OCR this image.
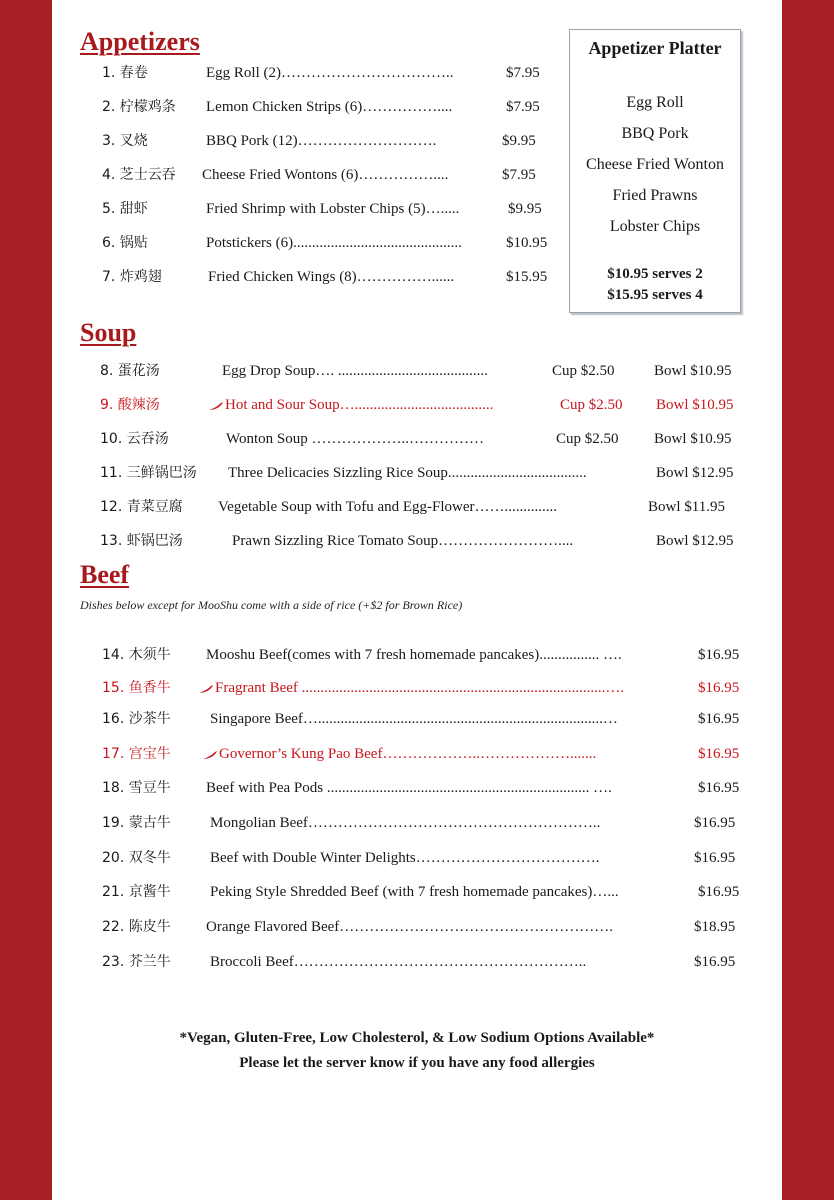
Appetizers
1. 春卷	Egg Roll (2)……………………………..	$7.95
2. 柠檬鸡条 Lemon Chicken Strips (6)……………....	$7.95
3. 叉烧	BBQ Pork (12)……………………….	$9.95
4. 芝士云吞 Cheese Fried Wontons (6)……………....	$7.95
5. 甜虾	Fried Shrimp with Lobster Chips (5)….....	$9.95
6. 锅贴	Potstickers (6).............................................	$10.95
7. 炸鸡翅	Fried Chicken Wings (8)……………......	$15.95
Appetizer Platter
Egg Roll
BBQ Pork
Cheese Fried Wonton
Fried Prawns
Lobster Chips
$10.95 serves 2
$15.95 serves 4
Soup
8. 蛋花汤	Egg Drop Soup…. ........................................	Cup $2.50	Bowl $10.95
9. 酸辣汤	Hot and Sour Soup….....................................	Cup $2.50 Bowl $10.95
10. 云吞汤	Wonton Soup ………………..……………	Cup $2.50 Bowl $10.95
11. 三鲜锅巴汤 Three Delicacies Sizzling Rice Soup.....................................	Bowl $12.95
12. 青菜豆腐 Vegetable Soup with Tofu and Egg-Flower……..............	Bowl $11.95
13. 虾锅巴汤	Prawn Sizzling Rice Tomato Soup……………………....	Bowl $12.95
Beef
Dishes below except for MooShu come with a side of rice (+$2 for Brown Rice)
14. 木须牛 Mooshu Beef(comes with 7 fresh homemade pancakes)................ ….	$16.95
15. 鱼香牛	Fragrant Beef .................................................................................….	$16.95
16. 沙茶牛	Singapore Beef…............................................................................…	$16.95
17. 宫宝牛	Governor’s Kung Pao Beef………………..……………….......	$16.95
18. 雪豆牛 Beef with Pea Pods ...................................................................... ….	$16.95
19. 蒙古牛	Mongolian Beef…………………………………………………..	$16.95
20. 双冬牛	Beef with Double Winter Delights……………………………….	$16.95
21. 京酱牛	Peking Style Shredded Beef (with 7 fresh homemade pancakes)…...	$16.95
22. 陈皮牛 Orange Flavored Beef……………………………………………….	$18.95
23. 芥兰牛	Broccoli Beef…………………………………………………..	$16.95
*Vegan, Gluten-Free, Low Cholesterol, & Low Sodium Options Available*
Please let the server know if you have any food allergies
